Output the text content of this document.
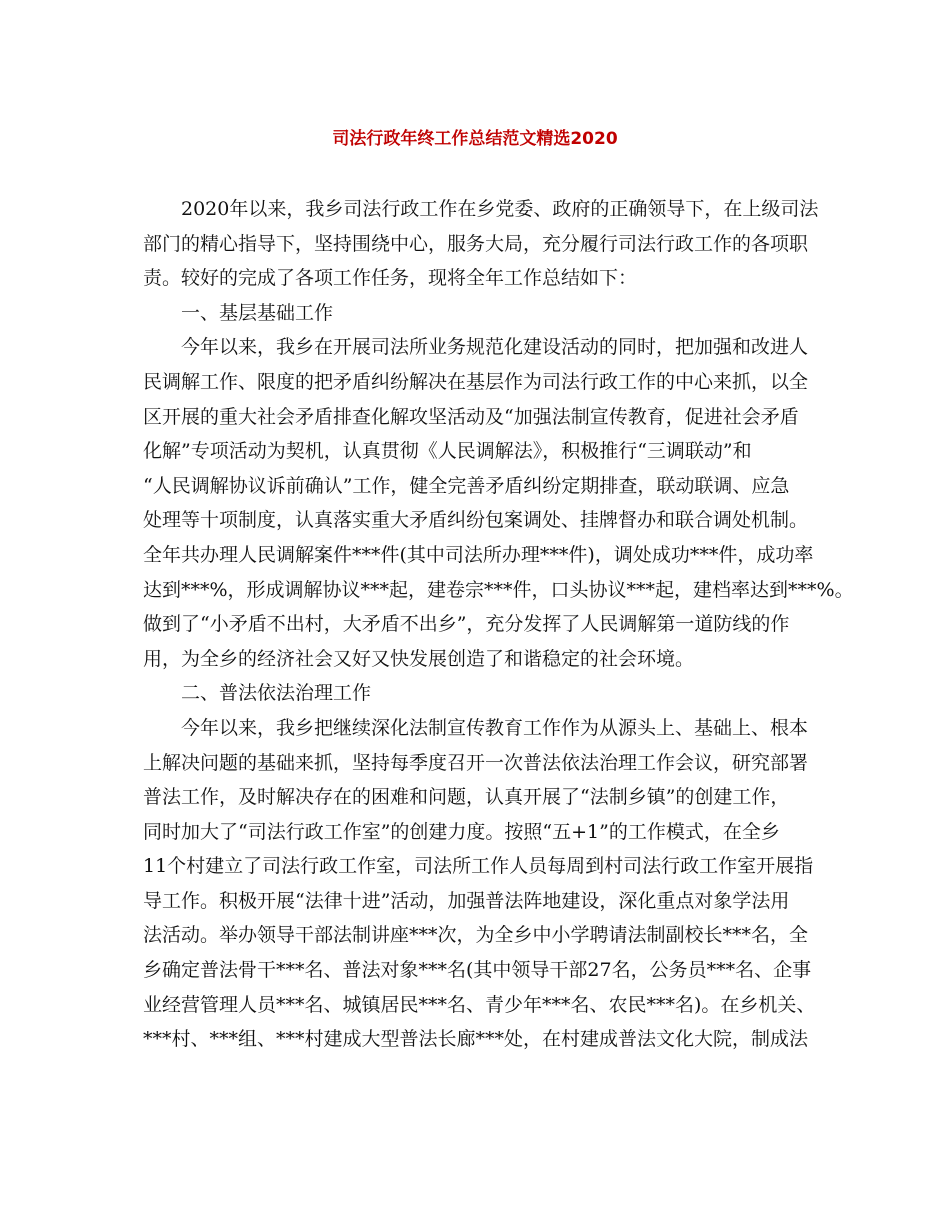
司法行政年终工作总结范文精选2020
2020年以来，我乡司法行政工作在乡党委、政府的正确领导下，在上级司法
部门的精心指导下，坚持围绕中心，服务大局，充分履行司法行政工作的各项职
责。较好的完成了各项工作任务，现将全年工作总结如下：
一、基层基础工作
今年以来，我乡在开展司法所业务规范化建设活动的同时，把加强和改进人
民调解工作、限度的把矛盾纠纷解决在基层作为司法行政工作的中心来抓，以全
区开展的重大社会矛盾排查化解攻坚活动及“加强法制宣传教育，促进社会矛盾
化解”专项活动为契机，认真贯彻《人民调解法》，积极推行“三调联动”和
“人民调解协议诉前确认”工作，健全完善矛盾纠纷定期排查，联动联调、应急
处理等十项制度，认真落实重大矛盾纠纷包案调处、挂牌督办和联合调处机制。
全年共办理人民调解案件***件(其中司法所办理***件)，调处成功***件，成功率
达到***%，形成调解协议***起，建卷宗***件，口头协议***起，建档率达到***%。
做到了“小矛盾不出村，大矛盾不出乡”，充分发挥了人民调解第一道防线的作
用，为全乡的经济社会又好又快发展创造了和谐稳定的社会环境。
二、普法依法治理工作
今年以来，我乡把继续深化法制宣传教育工作作为从源头上、基础上、根本
上解决问题的基础来抓，坚持每季度召开一次普法依法治理工作会议，研究部署
普法工作，及时解决存在的困难和问题，认真开展了“法制乡镇”的创建工作，
同时加大了“司法行政工作室”的创建力度。按照“五+1”的工作模式，在全乡
11个村建立了司法行政工作室，司法所工作人员每周到村司法行政工作室开展指
导工作。积极开展“法律十进”活动，加强普法阵地建设，深化重点对象学法用
法活动。举办领导干部法制讲座***次，为全乡中小学聘请法制副校长***名，全
乡确定普法骨干***名、普法对象***名(其中领导干部27名，公务员***名、企事
业经营管理人员***名、城镇居民***名、青少年***名、农民***名)。在乡机关、
***村、***组、***村建成大型普法长廊***处，在村建成普法文化大院，制成法
